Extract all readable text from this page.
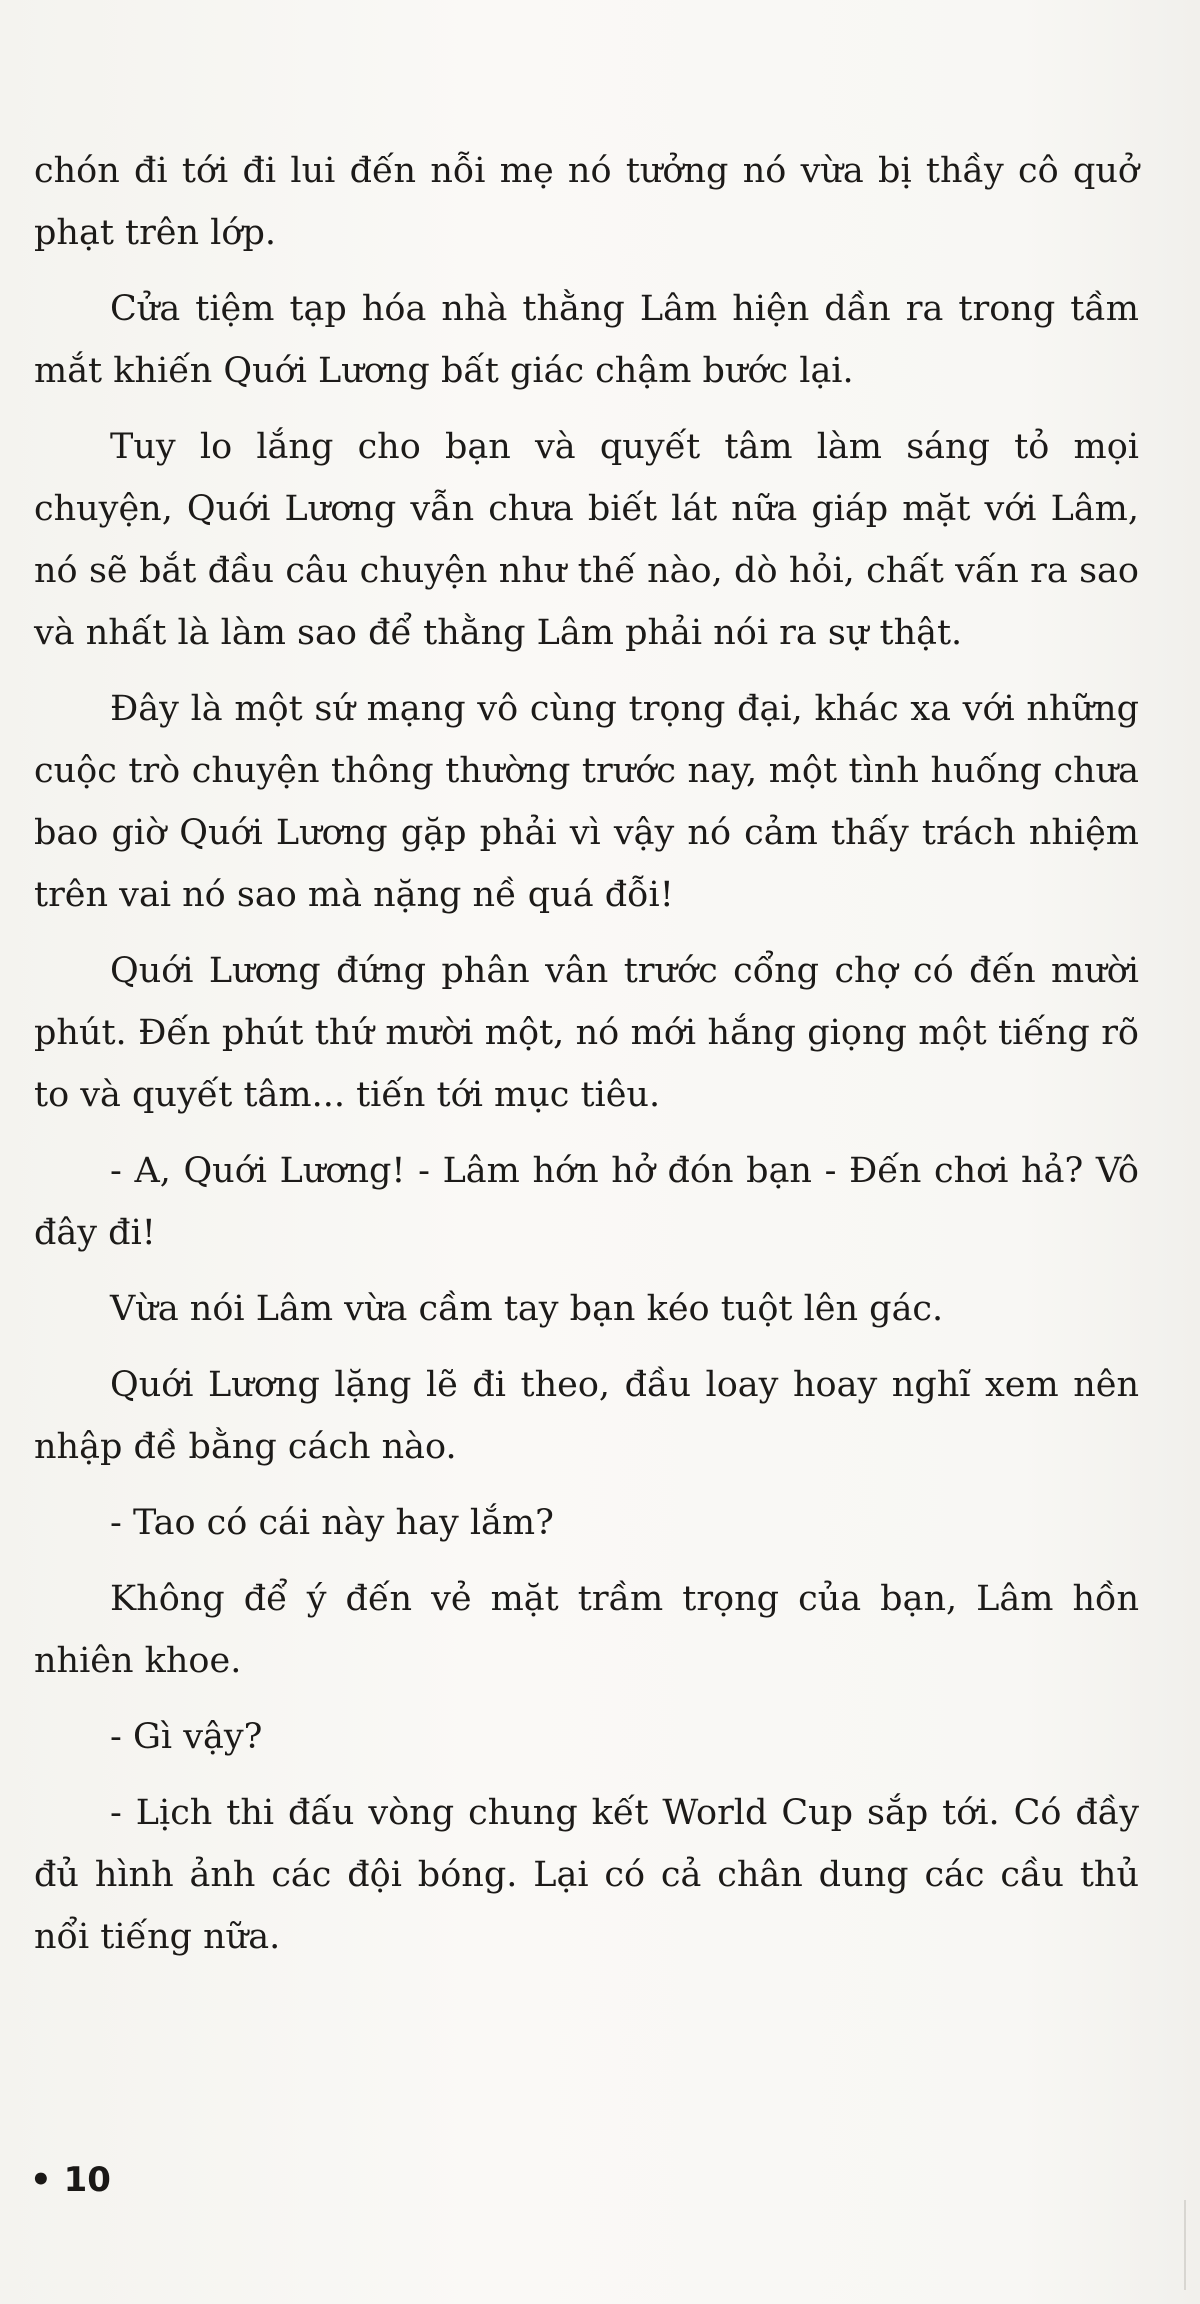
chón đi tới đi lui đến nỗi mẹ nó tưởng nó vừa bị thầy cô quở phạt trên lớp.

Cửa tiệm tạp hóa nhà thằng Lâm hiện dần ra trong tầm mắt khiến Quới Lương bất giác chậm bước lại.

Tuy lo lắng cho bạn và quyết tâm làm sáng tỏ mọi chuyện, Quới Lương vẫn chưa biết lát nữa giáp mặt với Lâm, nó sẽ bắt đầu câu chuyện như thế nào, dò hỏi, chất vấn ra sao và nhất là làm sao để thằng Lâm phải nói ra sự thật.

Đây là một sứ mạng vô cùng trọng đại, khác xa với những cuộc trò chuyện thông thường trước nay, một tình huống chưa bao giờ Quới Lương gặp phải vì vậy nó cảm thấy trách nhiệm trên vai nó sao mà nặng nề quá đỗi!

Quới Lương đứng phân vân trước cổng chợ có đến mười phút. Đến phút thứ mười một, nó mới hắng giọng một tiếng rõ to và quyết tâm... tiến tới mục tiêu.

- A, Quới Lương! - Lâm hớn hở đón bạn - Đến chơi hả? Vô đây đi!

Vừa nói Lâm vừa cầm tay bạn kéo tuột lên gác.

Quới Lương lặng lẽ đi theo, đầu loay hoay nghĩ xem nên nhập đề bằng cách nào.

- Tao có cái này hay lắm?

Không để ý đến vẻ mặt trầm trọng của bạn, Lâm hồn nhiên khoe.

- Gì vậy?

- Lịch thi đấu vòng chung kết World Cup sắp tới. Có đầy đủ hình ảnh các đội bóng. Lại có cả chân dung các cầu thủ nổi tiếng nữa.

• 10
